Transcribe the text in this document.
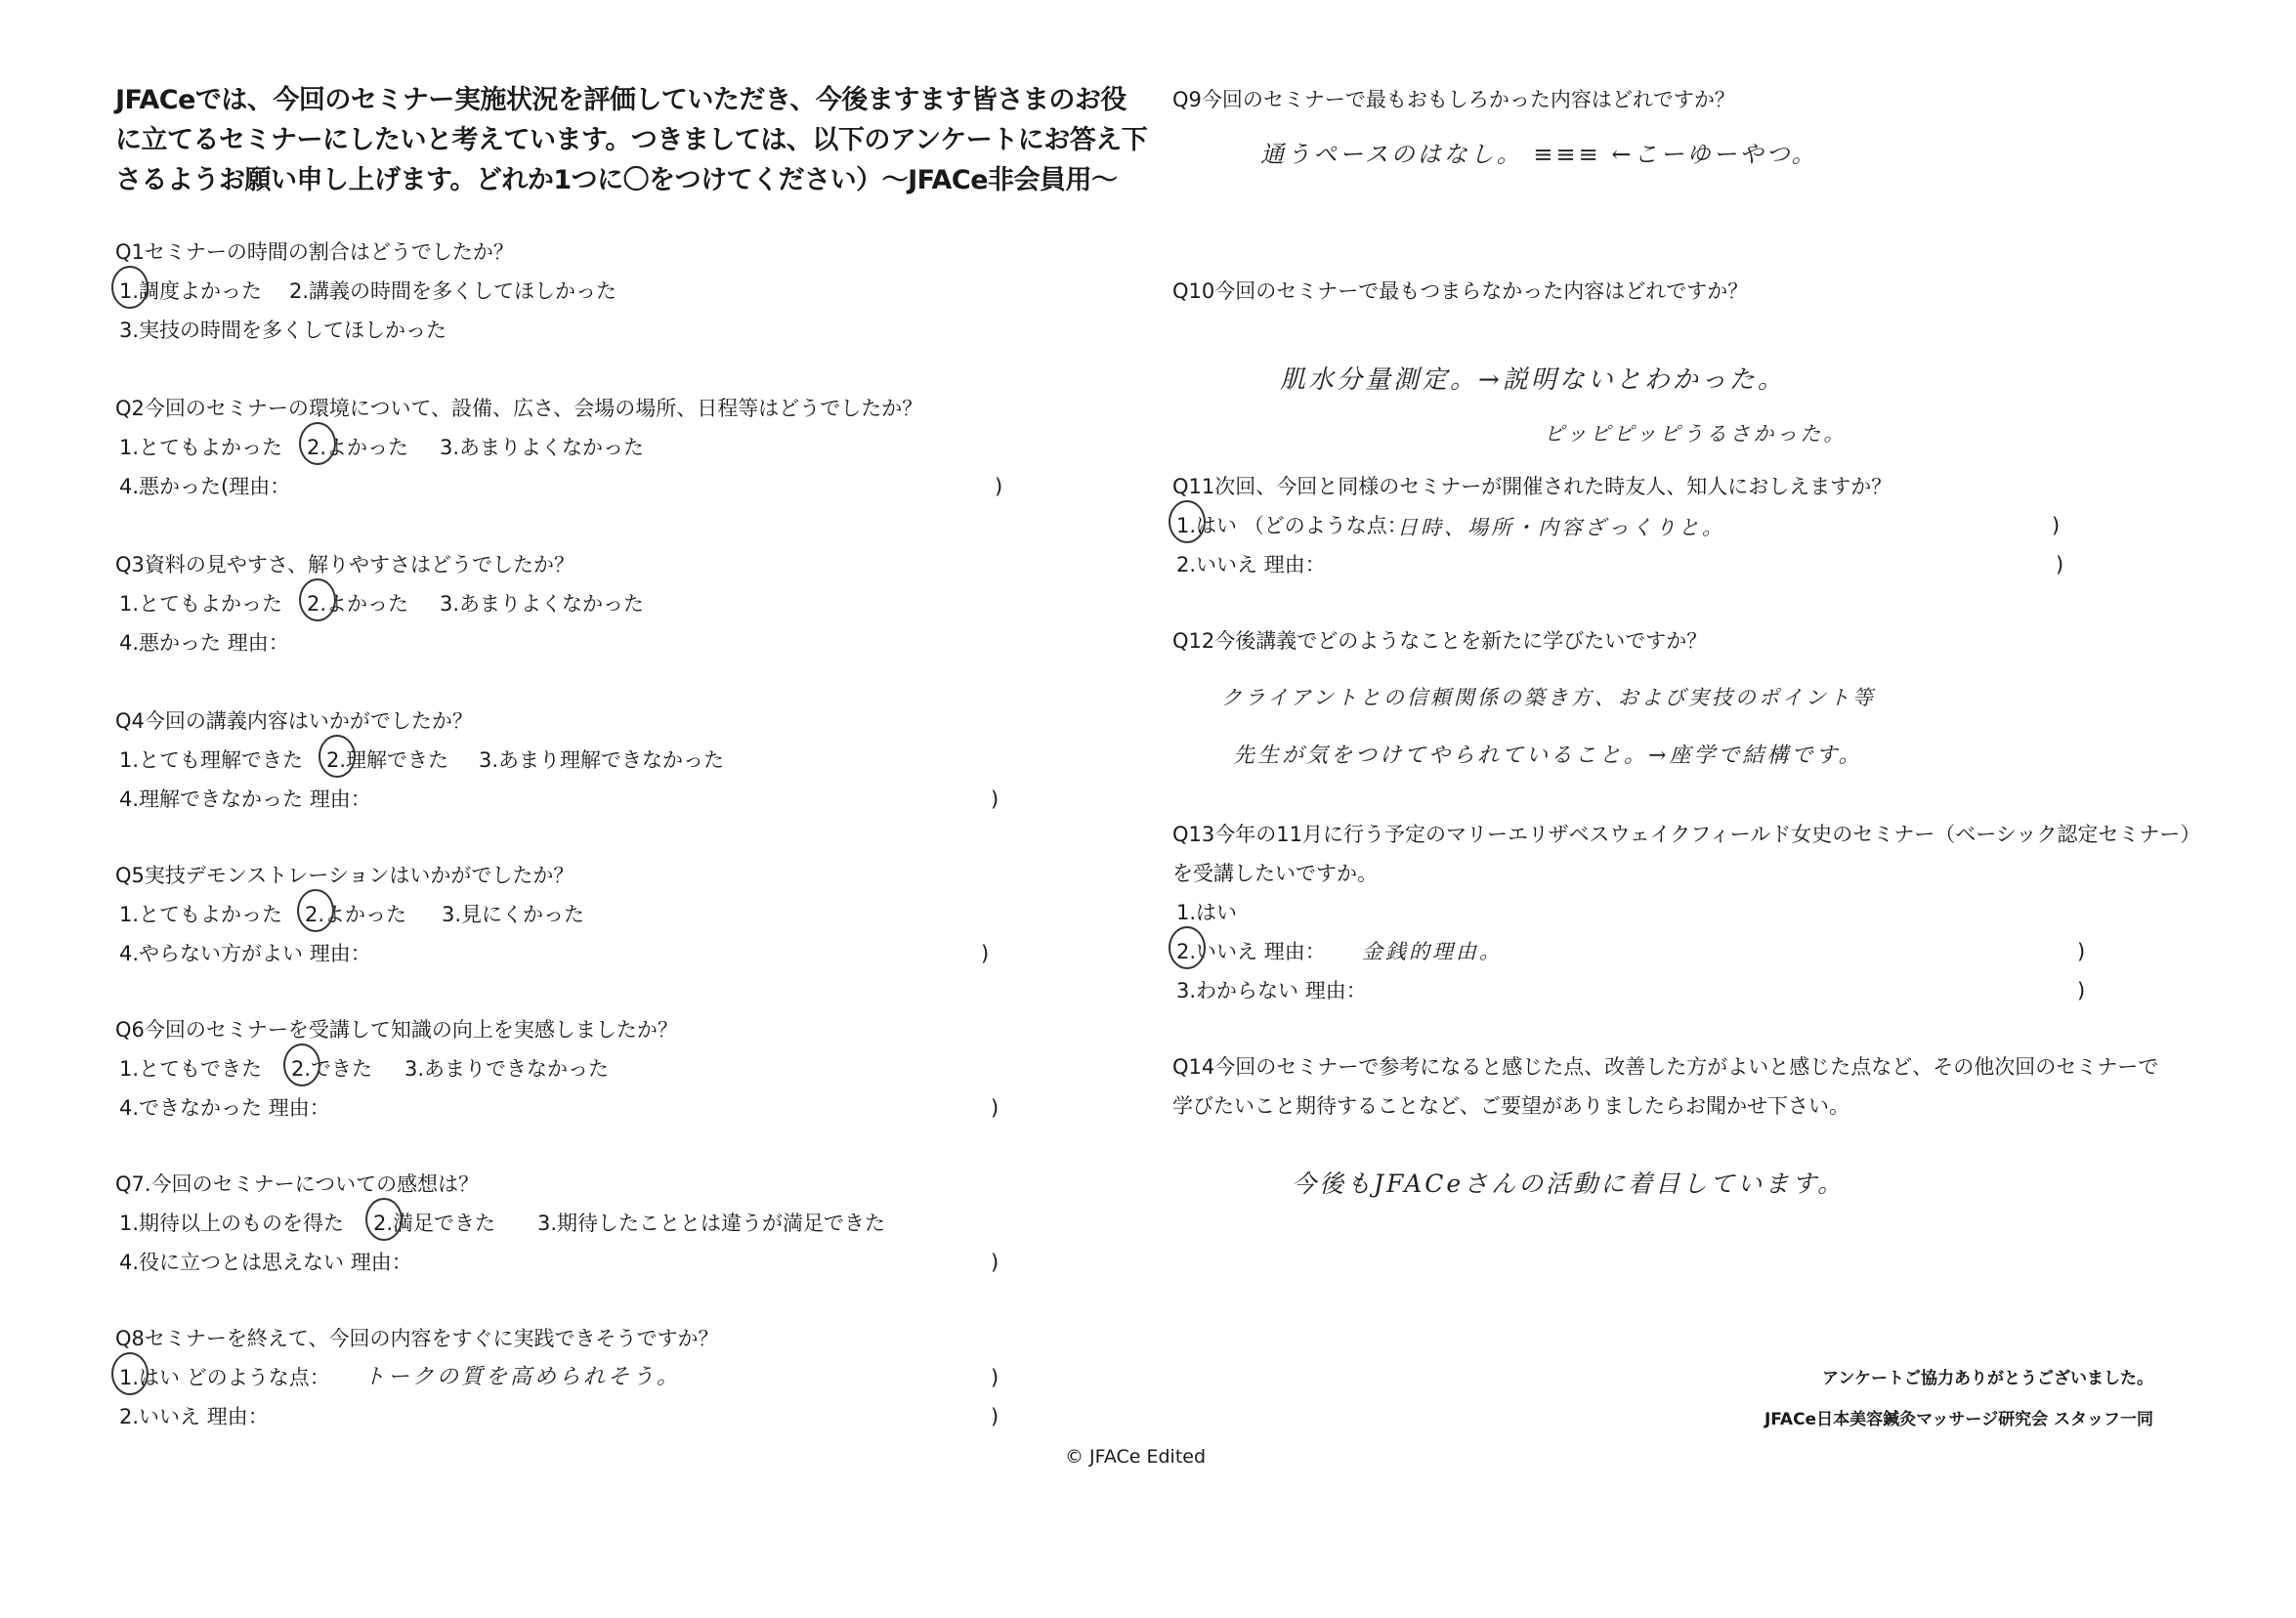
JFACeでは、今回のセミナー実施状況を評価していただき、今後ますます皆さまのお役
に立てるセミナーにしたいと考えています。つきましては、以下のアンケートにお答え下
さるようお願い申し上げます。どれか1つに〇をつけてください）～JFACe非会員用～
Q1セミナーの時間の割合はどうでしたか？
1.調度よかった 2.講義の時間を多くしてほしかった
3.実技の時間を多くしてほしかった
Q2今回のセミナーの環境について、設備、広さ、会場の場所、日程等はどうでしたか？
1.とてもよかった 2.よかった 3.あまりよくなかった
4.悪かった(理由：	)
Q3資料の見やすさ、解りやすさはどうでしたか？
1.とてもよかった 2.よかった 3.あまりよくなかった
4.悪かった 理由：
Q4今回の講義内容はいかがでしたか？
1.とても理解できた 2.理解できた 3.あまり理解できなかった
4.理解できなかった 理由：	)
Q5実技デモンストレーションはいかがでしたか？
1.とてもよかった 2.よかった 3.見にくかった
4.やらない方がよい 理由：	)
Q6今回のセミナーを受講して知識の向上を実感しましたか？
1.とてもできた 2.できた 3.あまりできなかった
4.できなかった 理由：	)
Q7.今回のセミナーについての感想は？
1.期待以上のものを得た 2.満足できた 3.期待したこととは違うが満足できた
4.役に立つとは思えない 理由：	)
Q8セミナーを終えて、今回の内容をすぐに実践できそうですか？
1.はい どのような点：	)
2.いいえ 理由：	)
トークの質を高められそう。
Q9今回のセミナーで最もおもしろかった内容はどれですか？
通うペースのはなし。 ≡≡≡ ←こーゆーやつ。
Q10今回のセミナーで最もつまらなかった内容はどれですか？
肌水分量測定。→説明ないとわかった。
ピッピピッピうるさかった。
Q11次回、今回と同様のセミナーが開催された時友人、知人におしえますか？
1.はい （どのような点：	)
2.いいえ 理由：	)
日時、場所・内容ざっくりと。
Q12今後講義でどのようなことを新たに学びたいですか？
クライアントとの信頼関係の築き方、および実技のポイント等
先生が気をつけてやられていること。→座学で結構です。
Q13今年の11月に行う予定のマリーエリザベスウェイクフィールド女史のセミナー（ベーシック認定セミナー）
を受講したいですか。
1.はい
2.いいえ 理由：	)
3.わからない 理由：	)
金銭的理由。
Q14今回のセミナーで参考になると感じた点、改善した方がよいと感じた点など、その他次回のセミナーで
学びたいこと期待することなど、ご要望がありましたらお聞かせ下さい。
今後もJFACeさんの活動に着目しています。
アンケートご協力ありがとうございました。
JFACe日本美容鍼灸マッサージ研究会 スタッフ一同
© JFACe Edited
